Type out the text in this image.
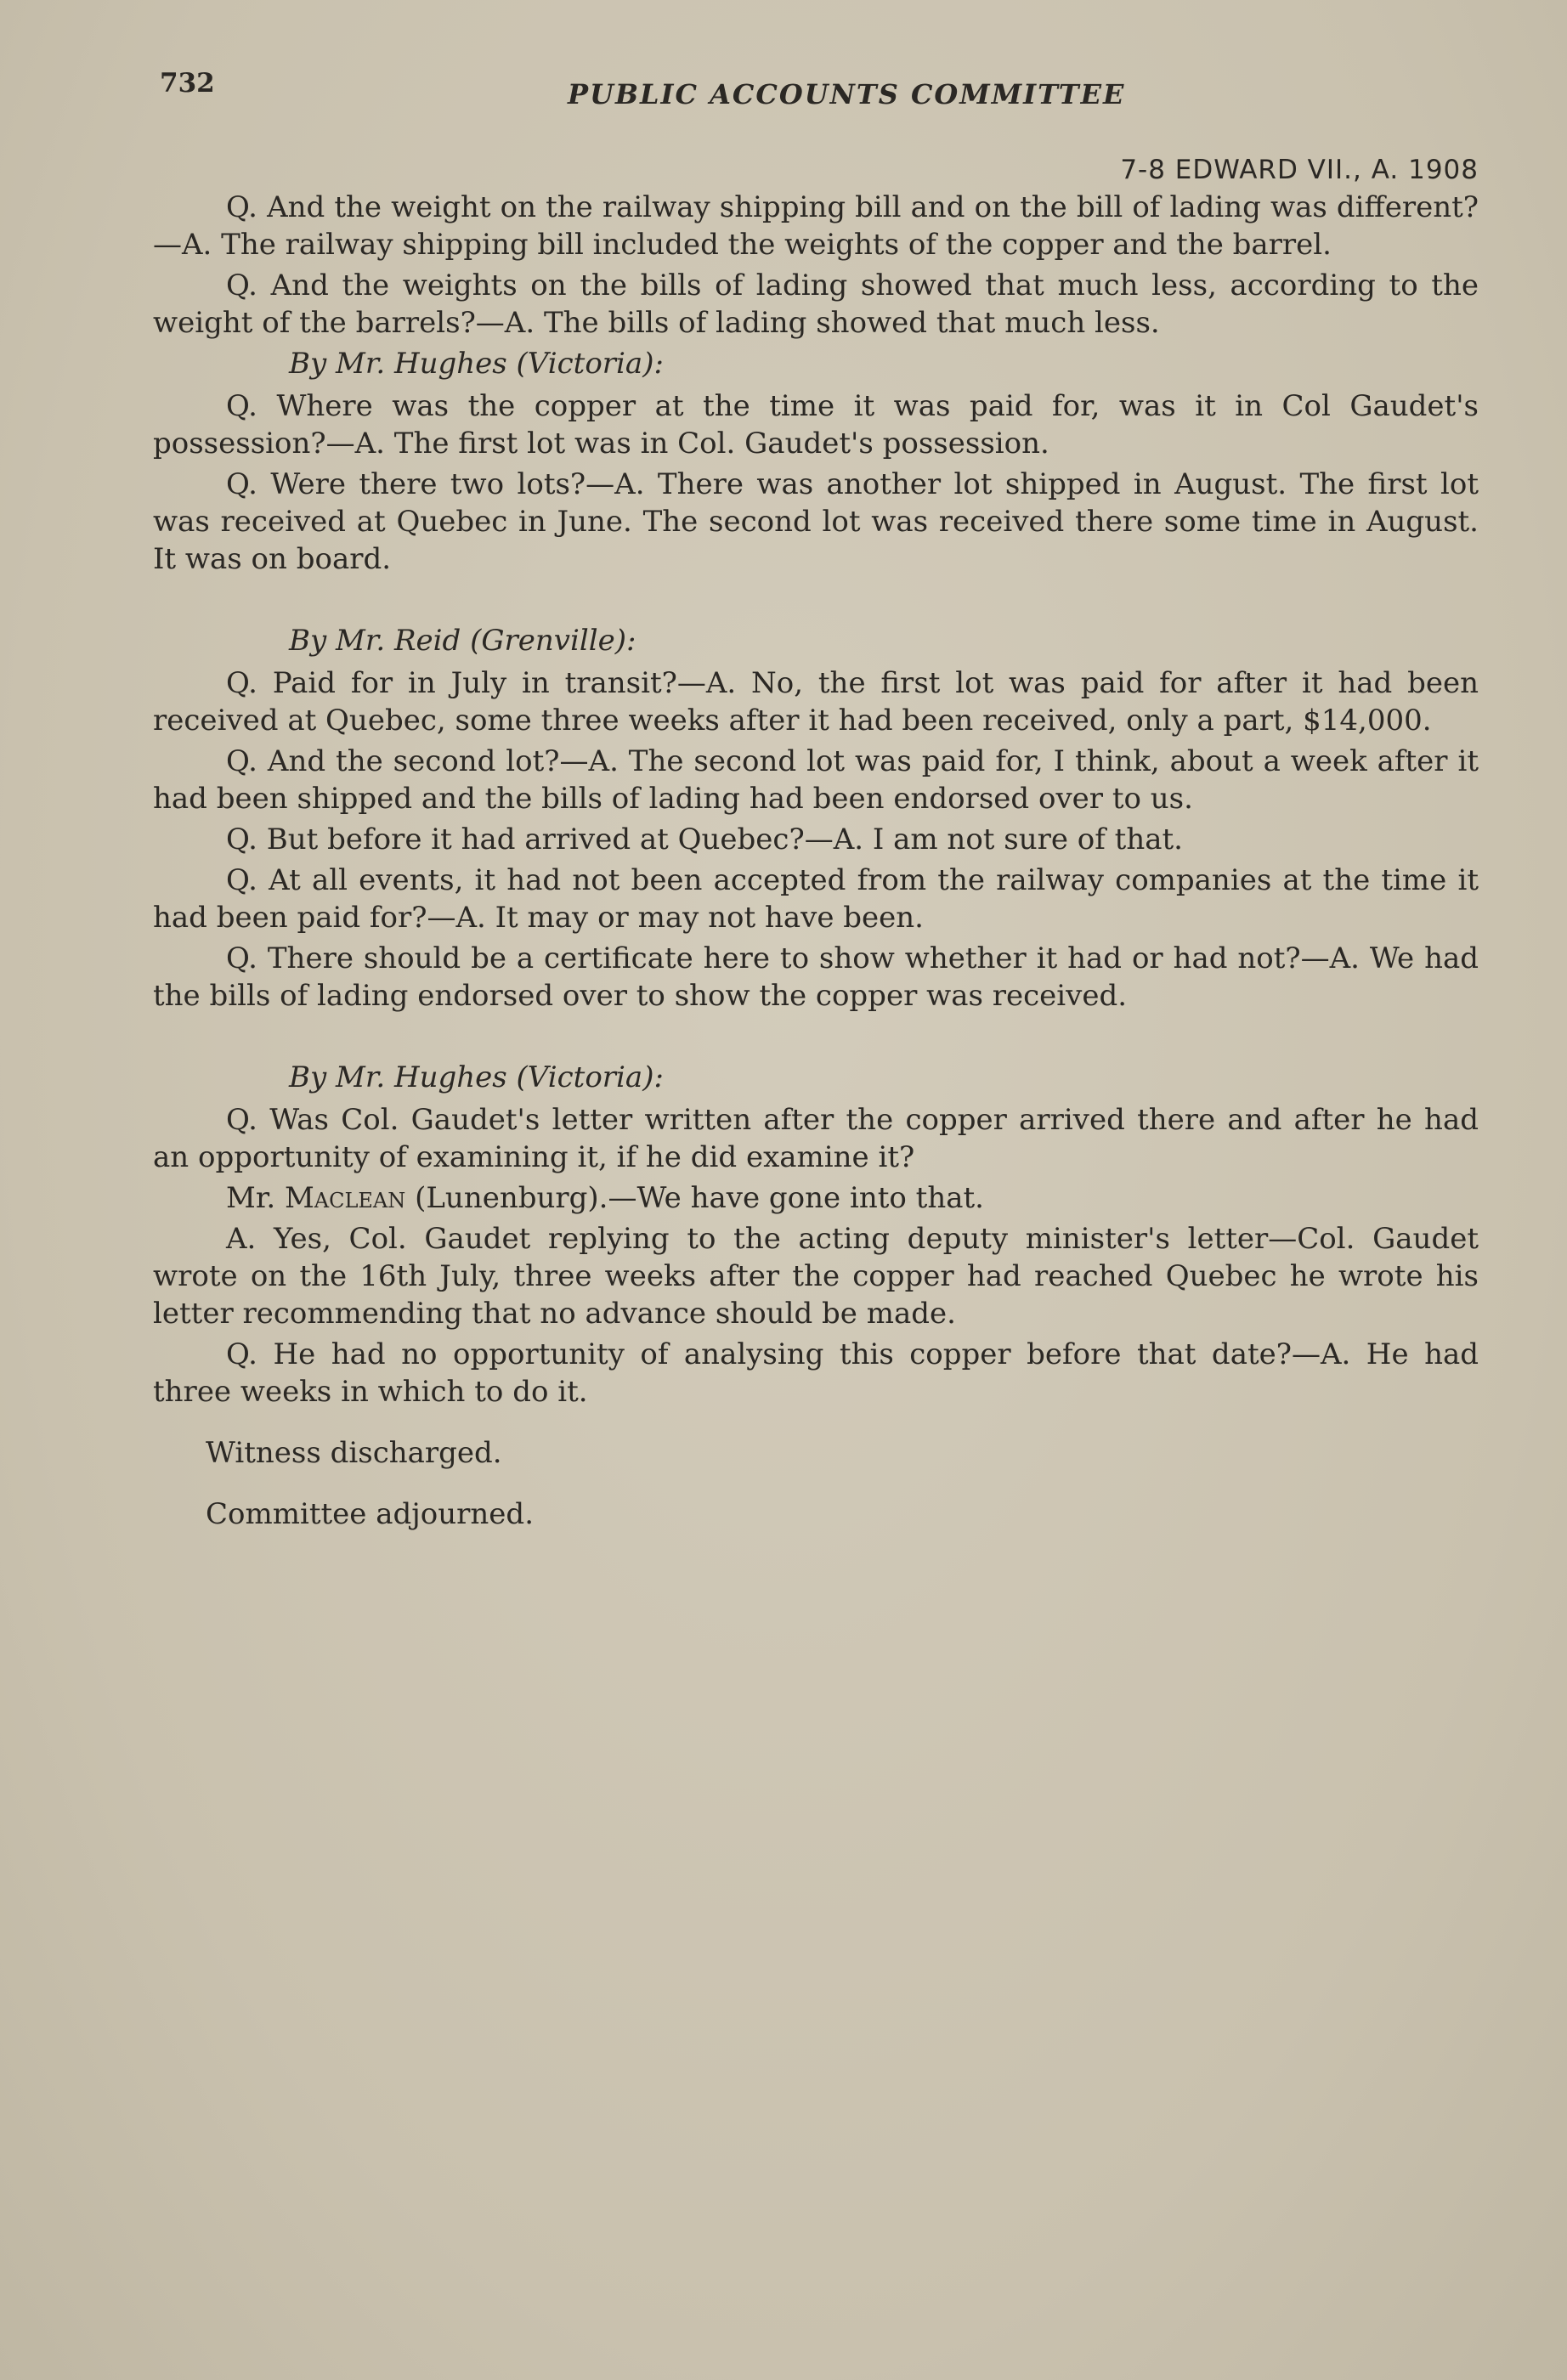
732	PUBLIC ACCOUNTS COMMITTEE
7-8 EDWARD VII., A. 1908

Q. And the weight on the railway shipping bill and on the bill of lading was different?—A. The railway shipping bill included the weights of the copper and the barrel.

Q. And the weights on the bills of lading showed that much less, according to the weight of the barrels?—A. The bills of lading showed that much less.

By Mr. Hughes (Victoria):

Q. Where was the copper at the time it was paid for, was it in Col Gaudet's possession?—A. The first lot was in Col. Gaudet's possession.

Q. Were there two lots?—A. There was another lot shipped in August. The first lot was received at Quebec in June. The second lot was received there some time in August. It was on board.

By Mr. Reid (Grenville):

Q. Paid for in July in transit?—A. No, the first lot was paid for after it had been received at Quebec, some three weeks after it had been received, only a part, $14,000.

Q. And the second lot?—A. The second lot was paid for, I think, about a week after it had been shipped and the bills of lading had been endorsed over to us.

Q. But before it had arrived at Quebec?—A. I am not sure of that.

Q. At all events, it had not been accepted from the railway companies at the time it had been paid for?—A. It may or may not have been.

Q. There should be a certificate here to show whether it had or had not?—A. We had the bills of lading endorsed over to show the copper was received.

By Mr. Hughes (Victoria):

Q. Was Col. Gaudet's letter written after the copper arrived there and after he had an opportunity of examining it, if he did examine it?

Mr. Maclean (Lunenburg).—We have gone into that.

A. Yes, Col. Gaudet replying to the acting deputy minister's letter—Col. Gaudet wrote on the 16th July, three weeks after the copper had reached Quebec he wrote his letter recommending that no advance should be made.

Q. He had no opportunity of analysing this copper before that date?—A. He had three weeks in which to do it.

Witness discharged.

Committee adjourned.
